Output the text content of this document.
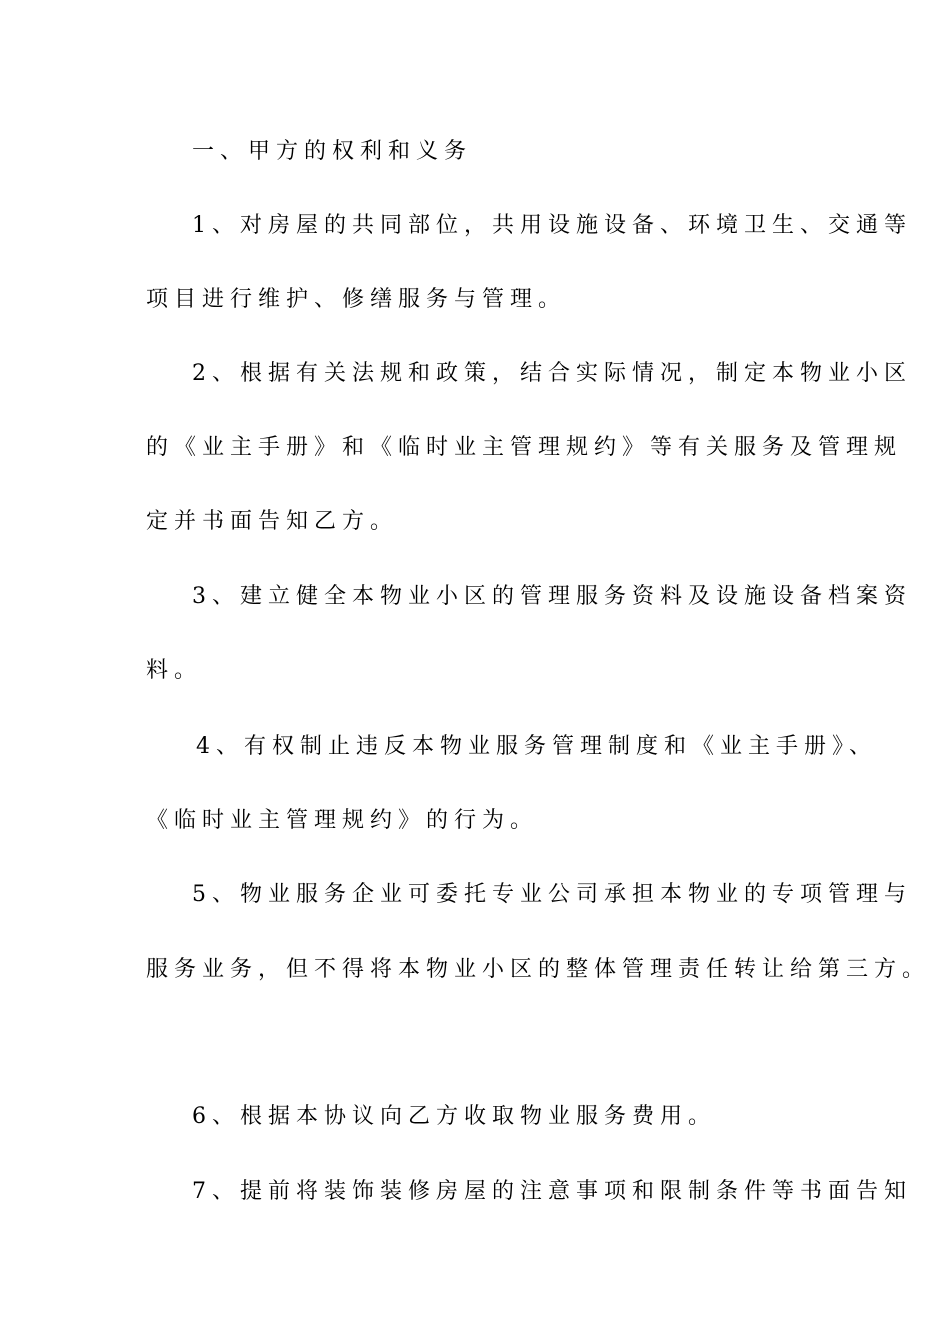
一、甲方的权利和义务
1、对房屋的共同部位，共用设施设备、环境卫生、交通等
项目进行维护、修缮服务与管理。
2、根据有关法规和政策，结合实际情况，制定本物业小区
的《业主手册》和《临时业主管理规约》等有关服务及管理规
定并书面告知乙方。
3、建立健全本物业小区的管理服务资料及设施设备档案资
料。
4、有权制止违反本物业服务管理制度和《业主手册》、
《临时业主管理规约》的行为。
5、物业服务企业可委托专业公司承担本物业的专项管理与
服务业务，但不得将本物业小区的整体管理责任转让给第三方。
6、根据本协议向乙方收取物业服务费用。
7、提前将装饰装修房屋的注意事项和限制条件等书面告知
